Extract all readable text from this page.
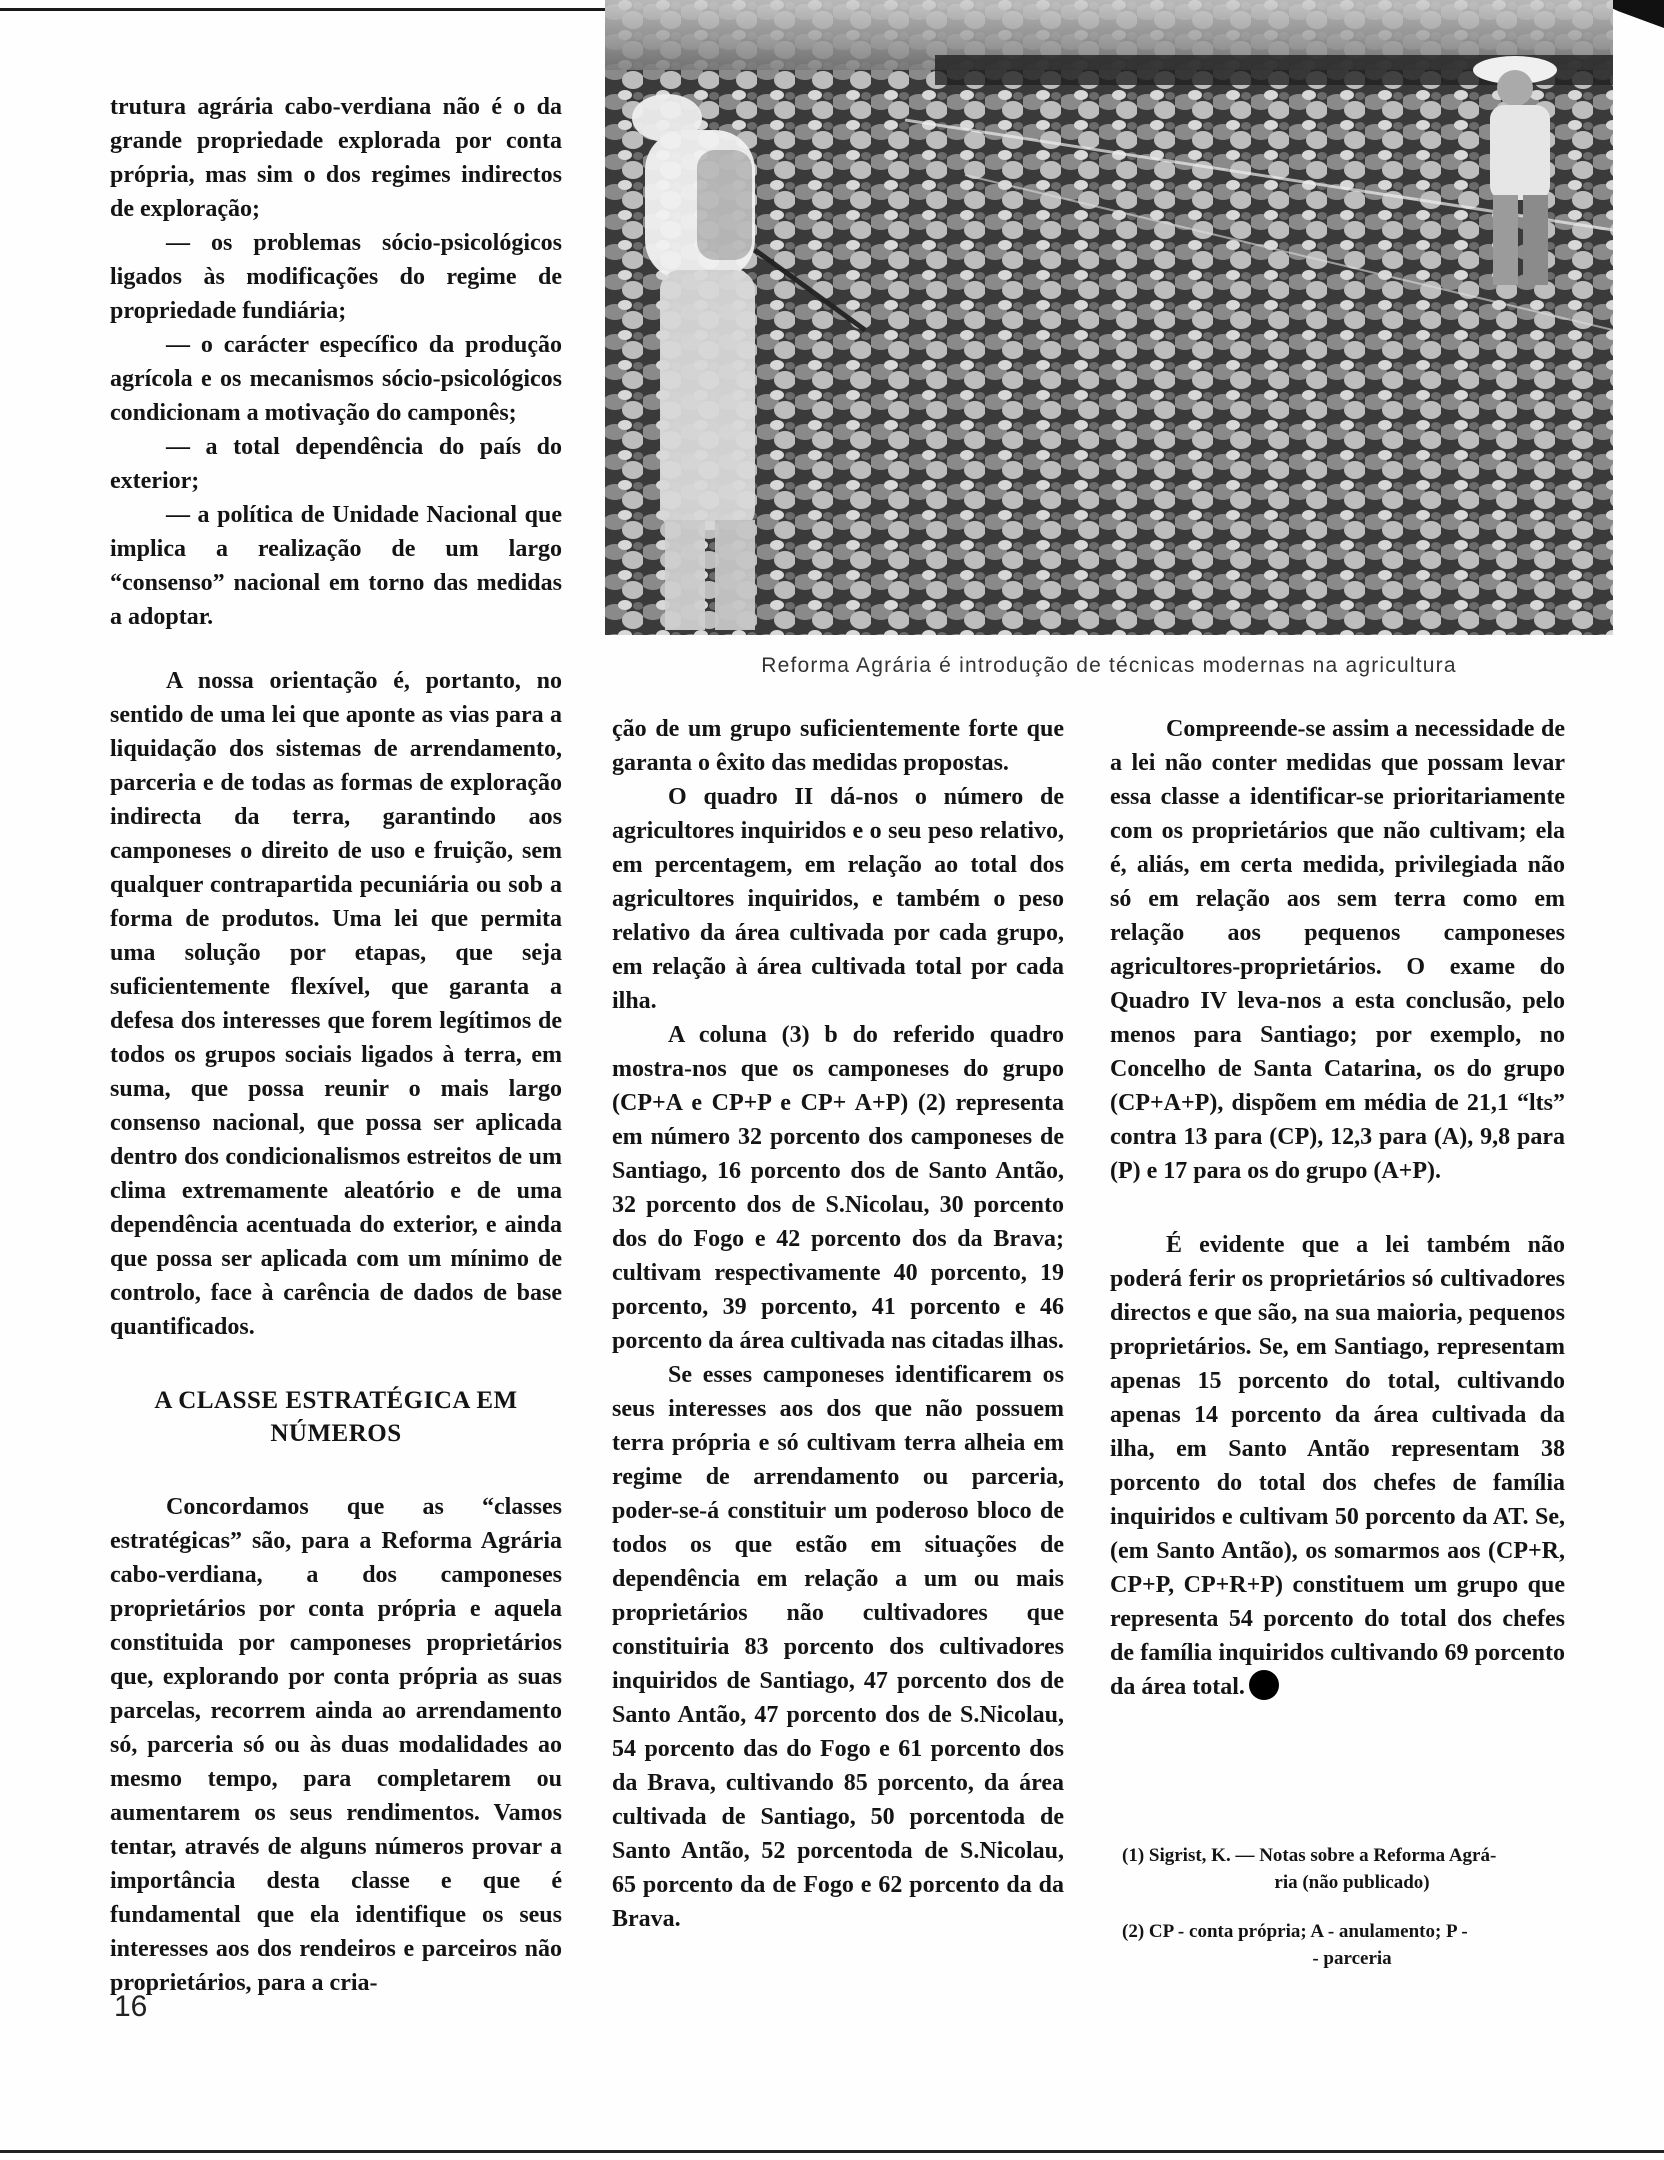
Reforma Agrária é introdução de técnicas modernas na agricultura

trutura agrária cabo-verdiana não é o da grande propriedade explorada por conta própria, mas sim o dos regimes indirectos de exploração;

— os problemas sócio-psicológicos ligados às modificações do regime de propriedade fundiária;

— o carácter específico da produção agrícola e os mecanismos sócio-psicológicos condicionam a motivação do camponês;

— a total dependência do país do exterior;

— a política de Unidade Nacional que implica a realização de um largo “consenso” nacional em torno das medidas a adoptar.

A nossa orientação é, portanto, no sentido de uma lei que aponte as vias para a liquidação dos sistemas de arrendamento, parceria e de todas as formas de exploração indirecta da terra, garantindo aos camponeses o direito de uso e fruição, sem qualquer contrapartida pecuniária ou sob a forma de produtos. Uma lei que permita uma solução por etapas, que seja suficientemente flexível, que garanta a defesa dos interesses que forem legítimos de todos os grupos sociais ligados à terra, em suma, que possa reunir o mais largo consenso nacional, que possa ser aplicada dentro dos condicionalismos estreitos de um clima extremamente aleatório e de uma dependência acentuada do exterior, e ainda que possa ser aplicada com um mínimo de controlo, face à carência de dados de base quantificados.

A CLASSE ESTRATÉGICA EM
NÚMEROS

Concordamos que as “classes estratégicas” são, para a Reforma Agrária cabo-verdiana, a dos camponeses proprietários por conta própria e aquela constituida por camponeses proprietários que, explorando por conta própria as suas parcelas, recorrem ainda ao arrendamento só, parceria só ou às duas modalidades ao mesmo tempo, para completarem ou aumentarem os seus rendimentos. Vamos tentar, através de alguns números provar a importância desta classe e que é fundamental que ela identifique os seus interesses aos dos rendeiros e parceiros não proprietários, para a cria-

ção de um grupo suficientemente forte que garanta o êxito das medidas propostas.

O quadro II dá-nos o número de agricultores inquiridos e o seu peso relativo, em percentagem, em relação ao total dos agricultores inquiridos, e também o peso relativo da área cultivada por cada grupo, em relação à área cultivada total por cada ilha.

A coluna (3) b do referido quadro mostra-nos que os camponeses do grupo (CP+A e CP+P e CP+ A+P) (2) representa em número 32 porcento dos camponeses de Santiago, 16 porcento dos de Santo Antão, 32 porcento dos de S.Nicolau, 30 porcento dos do Fogo e 42 porcento dos da Brava; cultivam respectivamente 40 porcento, 19 porcento, 39 porcento, 41 porcento e 46 porcento da área cultivada nas citadas ilhas.

Se esses camponeses identificarem os seus interesses aos dos que não possuem terra própria e só cultivam terra alheia em regime de arrendamento ou parceria, poder-se-á constituir um poderoso bloco de todos os que estão em situações de dependência em relação a um ou mais proprietários não cultivadores que constituiria 83 porcento dos cultivadores inquiridos de Santiago, 47 porcento dos de Santo Antão, 47 porcento dos de S.Nicolau, 54 porcento das do Fogo e 61 porcento dos da Brava, cultivando 85 porcento, da área cultivada de Santiago, 50 porcentoda de Santo Antão, 52 porcentoda de S.Nicolau, 65 porcento da de Fogo e 62 porcento da da Brava.

Compreende-se assim a necessidade de a lei não conter medidas que possam levar essa classe a identificar-se prioritariamente com os proprietários que não cultivam; ela é, aliás, em certa medida, privilegiada não só em relação aos sem terra como em relação aos pequenos camponeses agricultores-proprietários. O exame do Quadro IV leva-nos a esta conclusão, pelo menos para Santiago; por exemplo, no Concelho de Santa Catarina, os do grupo (CP+A+P), dispõem em média de 21,1 “lts” contra 13 para (CP), 12,3 para (A), 9,8 para (P) e 17 para os do grupo (A+P).

É evidente que a lei também não poderá ferir os proprietários só cultivadores directos e que são, na sua maioria, pequenos proprietários. Se, em Santiago, representam apenas 15 porcento do total, cultivando apenas 14 porcento da área cultivada da ilha, em Santo Antão representam 38 porcento do total dos chefes de família inquiridos e cultivam 50 porcento da AT. Se, (em Santo Antão), os somarmos aos (CP+R, CP+P, CP+R+P) constituem um grupo que representa 54 porcento do total dos chefes de família inquiridos cultivando 69 porcento da área total.

(1) Sigrist, K. — Notas sobre a Reforma Agrá-
ria (não publicado)

(2) CP - conta própria; A - anulamento; P -
- parceria

16
